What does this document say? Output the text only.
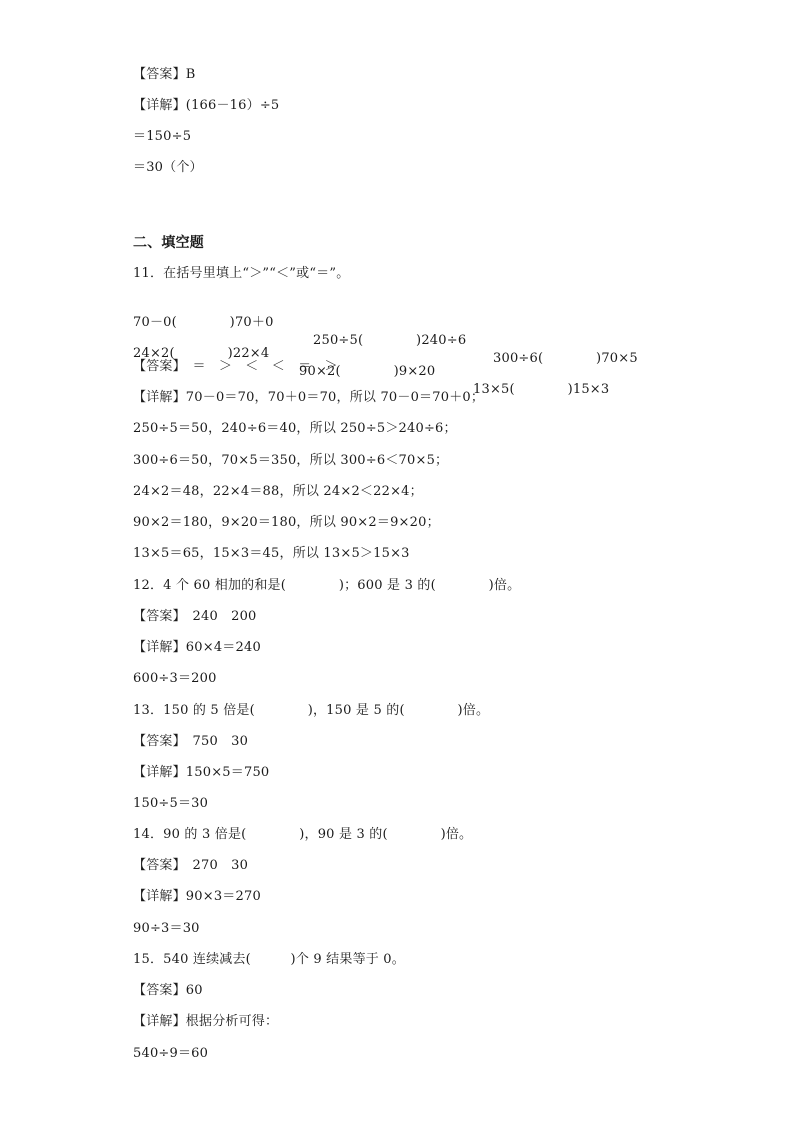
【答案】B
【详解】(166－16）÷5
＝150÷5
＝30（个）
二、填空题
11．在括号里填上“＞”“＜”或“＝”。

70－0(　　　　)70＋0

250÷5(　　　　)240÷6

300÷6(　　　　)70×5

24×2(　　　　)22×4

90×2(　　　　)9×20

13×5(　　　　)15×3

【答案】　＝　＞　＜　＜　＝　＞
【详解】70－0＝70，70＋0＝70，所以 70－0＝70＋0；
250÷5＝50，240÷6＝40，所以 250÷5＞240÷6；
300÷6＝50，70×5＝350，所以 300÷6＜70×5；
24×2＝48，22×4＝88，所以 24×2＜22×4；
90×2＝180，9×20＝180，所以 90×2＝9×20；
13×5＝65，15×3＝45，所以 13×5＞15×3
12．4 个 60 相加的和是(　　　　)；600 是 3 的(　　　　)倍。
【答案】　240　200
【详解】60×4＝240
600÷3＝200
13．150 的 5 倍是(　　　　)，150 是 5 的(　　　　)倍。
【答案】　750　30
【详解】150×5＝750
150÷5＝30
14．90 的 3 倍是(　　　　)，90 是 3 的(　　　　)倍。
【答案】　270　30
【详解】90×3＝270
90÷3＝30
15．540 连续减去(　　　)个 9 结果等于 0。
【答案】60
【详解】根据分析可得：
540÷9＝60
